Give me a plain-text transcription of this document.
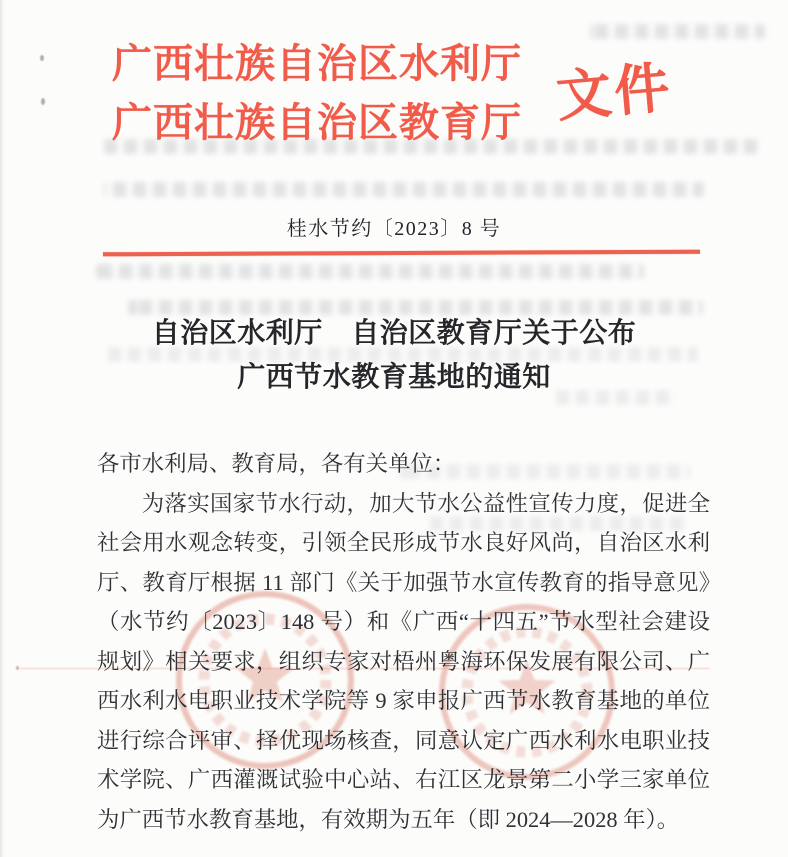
广西壮族自治区水利厅
广西壮族自治区教育厅 文件
桂水节约〔2023〕8 号
自治区水利厅　自治区教育厅关于公布
广西节水教育基地的通知
各市水利局、教育局，各有关单位：
为落实国家节水行动，加大节水公益性宣传力度，促进全社会用水观念转变，引领全民形成节水良好风尚，自治区水利厅、教育厅根据 11 部门《关于加强节水宣传教育的指导意见》（水节约〔2023〕148 号）和《广西“十四五”节水型社会建设规划》相关要求，组织专家对梧州粤海环保发展有限公司、广西水利水电职业技术学院等 9 家申报广西节水教育基地的单位进行综合评审、择优现场核查，同意认定广西水利水电职业技术学院、广西灌溉试验中心站、右江区龙景第二小学三家单位为广西节水教育基地，有效期为五年（即 2024—2028 年）。
